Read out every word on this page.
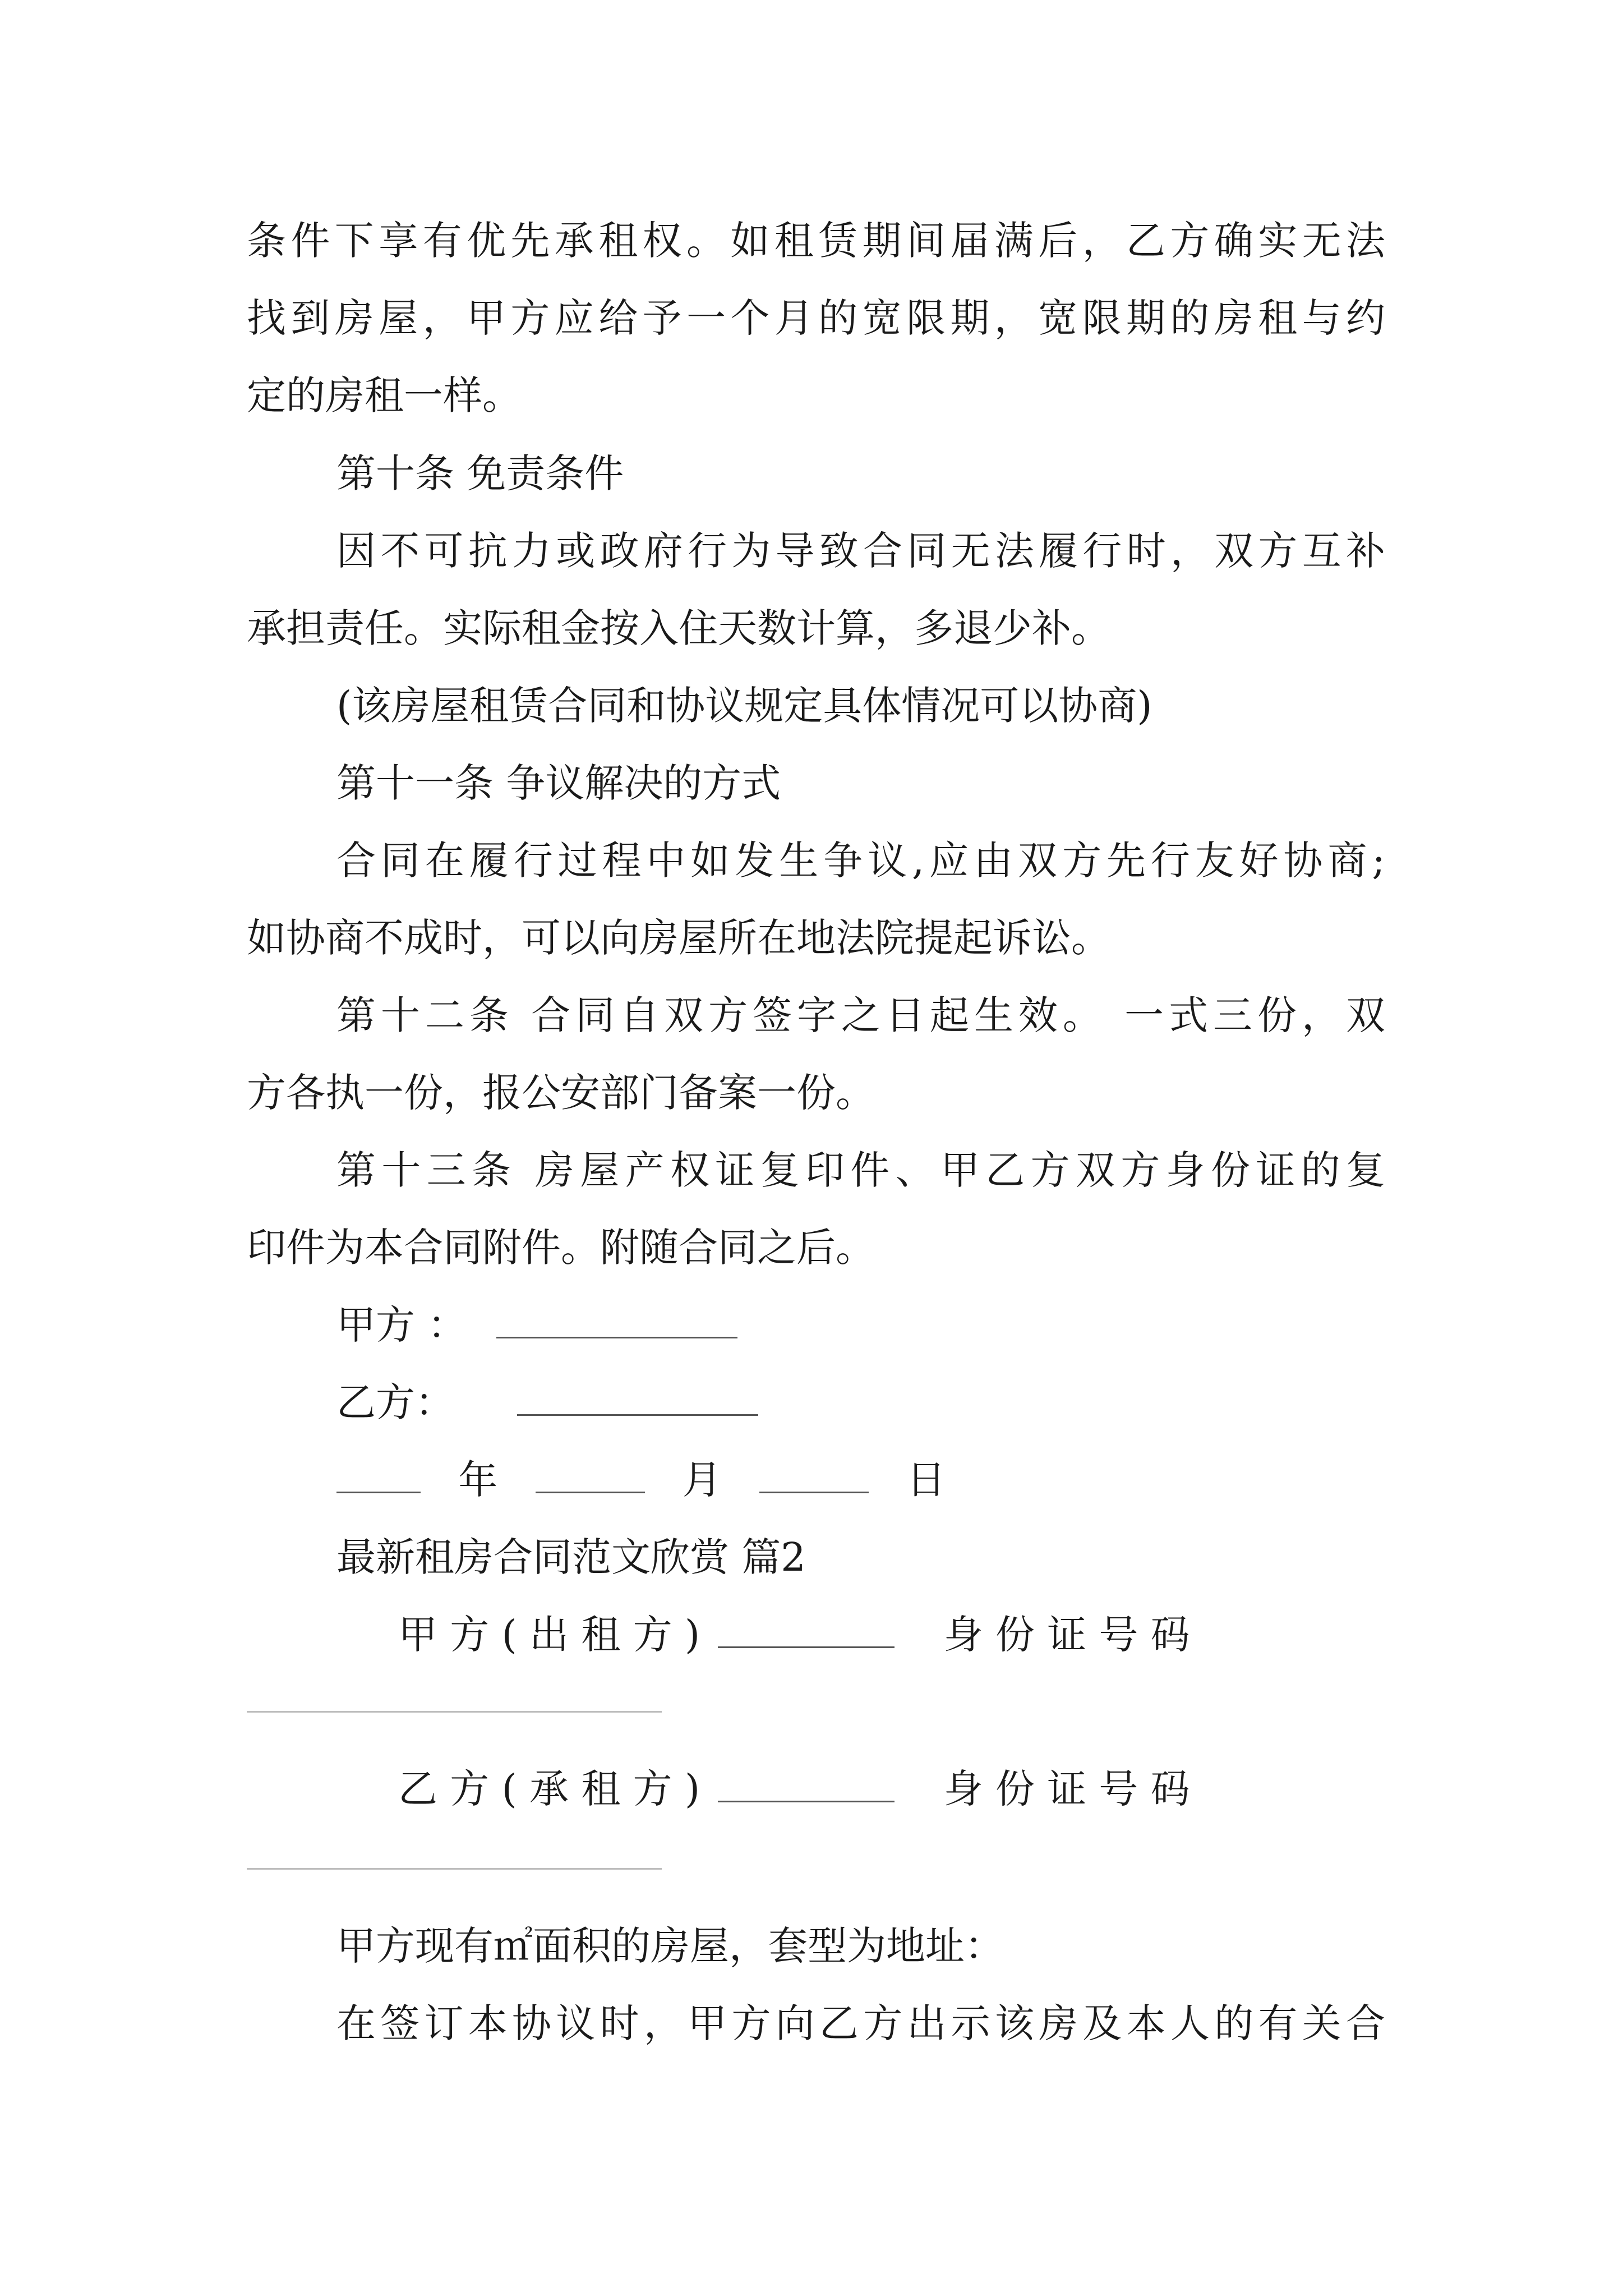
条件下享有优先承租权。如租赁期间届满后，乙方确实无法
找到房屋，甲方应给予一个月的宽限期，宽限期的房租与约
定的房租一样。
第十条 免责条件
因不可抗力或政府行为导致合同无法履行时，双方互补
承担责任。实际租金按入住天数计算，多退少补。
(该房屋租赁合同和协议规定具体情况可以协商)
第十一条 争议解决的方式
合同在履行过程中如发生争议,应由双方先行友好协商;
如协商不成时，可以向房屋所在地法院提起诉讼。
第十二条 合同自双方签字之日起生效。 一式三份，双
方各执一份，报公安部门备案一份。
第十三条 房屋产权证复印件、甲乙方双方身份证的复
印件为本合同附件。附随合同之后。
甲方 ：
乙方：
年	月	日
最新租房合同范文欣赏 篇2
甲 方 ( 出 租 方 )	身 份 证 号 码
乙 方 ( 承 租 方 )	身 份 证 号 码
甲方现有㎡面积的房屋，套型为地址：
在签订本协议时，甲方向乙方出示该房及本人的有关合
